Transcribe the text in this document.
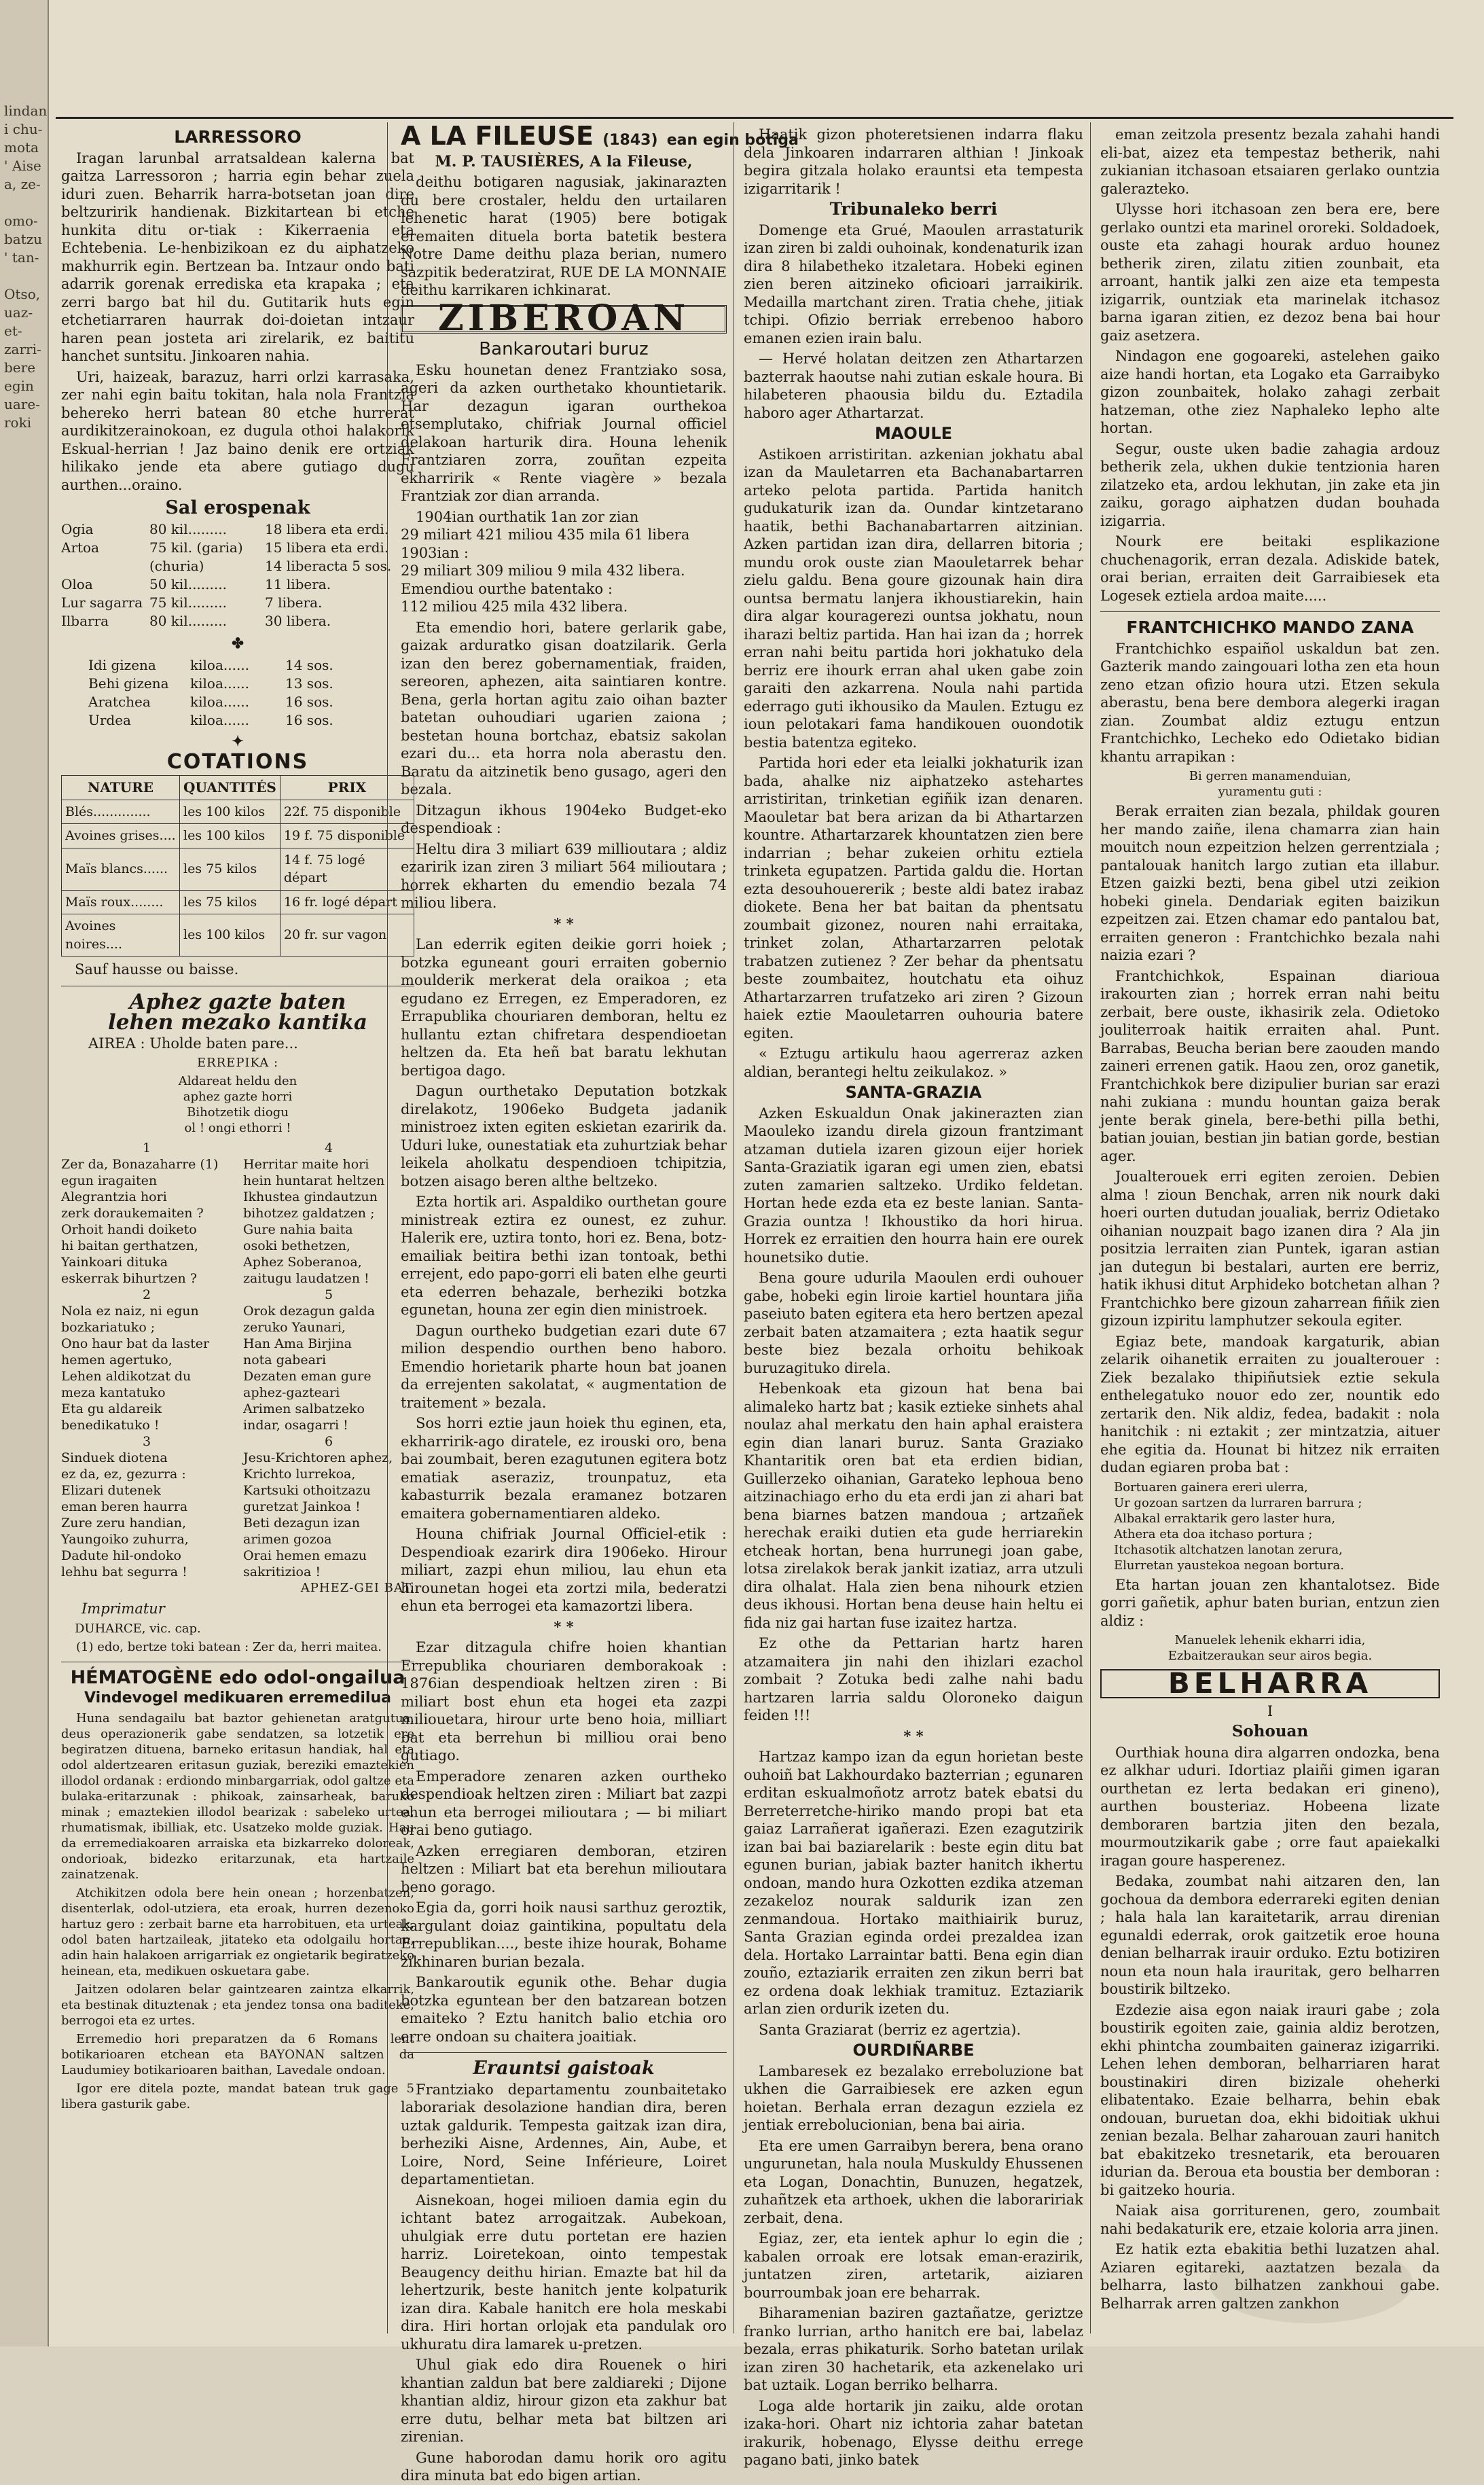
lindan
i chu-
mota
' Aise
a, ze-

omo-
batzu
' tan-

Otso,
uaz-
et-
zarri-
bere
egin
uare-
roki

LARRESSORO

Iragan larunbal arratsaldean kalerna bat gaitza Larressoron ; harria egin behar zuela iduri zuen. Beharrik harra-botsetan joan dire beltzuririk handienak. Bizkitartean bi etche hunkita ditu or-tiak : Kikerraenia eta Echtebenia. Le-henbizikoan ez du aiphatzeko makhurrik egin. Bertzean ba. Intzaur ondo bati adarrik gorenak errediska eta krapaka ; eta zerri bargo bat hil du. Gutitarik huts egin etchetiarraren haurrak doi-doietan intzaur haren pean josteta ari zirelarik, ez baititu hanchet suntsitu. Jinkoaren nahia.

Uri, haizeak, barazuz, harri orlzi karrasaka, zer nahi egin baitu tokitan, hala nola Frantzia behereko herri batean 80 etche hurrerat aurdikitzerainokoan, ez dugula othoi halakorik Eskual-herrian ! Jaz baino denik ere ortziak hilikako jende eta abere gutiago dugu aurthen...oraino.

Sal erospenak

Ogia	80 kil.........	18 libera eta erdi.
Artoa	75 kil. (garia)	15 libera eta erdi.
(churia)	14 liberacta 5 sos.
Oloa	50 kil.........	11 libera.
Lur sagarra 75 kil.........	7 libera.
Ilbarra	80 kil.........	30 libera.

✤

Idi gizena	kiloa......	14 sos.
Behi gizena	kiloa......	13 sos.
Aratchea	kiloa......	16 sos.
Urdea	kiloa......	16 sos.

✦

COTATIONS

NATURE	QUANTITÉS	PRIX
Blés..............	les 100 kilos	22f. 75 disponible
Avoines grises....	les 100 kilos	19 f. 75 disponible
Maïs blancs......	les 75 kilos	14 f. 75 logé départ
Maïs roux........	les 75 kilos	16 fr. logé départ
Avoines noires....	les 100 kilos	20 fr. sur vagon

Sauf hausse ou baisse.

Aphez gazte baten

lehen mezako kantika

AIREA : Uholde baten pare...

ERREPIKA :

Aldareat heldu den
aphez gazte horri
Bihotzetik diogu
ol ! ongi ethorri !

1
Zer da, Bonazaharre (1)
egun iragaiten
Alegrantzia hori
zerk doraukemaiten ?
Orhoit handi doiketo
hi baitan gerthatzen,
Yainkoari dituka
eskerrak bihurtzen ?
2
Nola ez naiz, ni egun
bozkariatuko ;
Ono haur bat da laster
hemen agertuko,
Lehen aldikotzat du
meza kantatuko
Eta gu aldareik
benedikatuko !
3
Sinduek diotena
ez da, ez, gezurra :
Elizari dutenek
eman beren haurra
Zure zeru handian,
Yaungoiko zuhurra,
Dadute hil-ondoko
lehhu bat segurra !
4
Herritar maite hori
hein huntarat heltzen
Ikhustea gindautzun
bihotzez galdatzen ;
Gure nahia baita
osoki bethetzen,
Aphez Soberanoa,
zaitugu laudatzen !
5
Orok dezagun galda
zeruko Yaunari,
Han Ama Birjina
nota gabeari
Dezaten eman gure
aphez-gazteari
Arimen salbatzeko
indar, osagarri !
6
Jesu-Krichtoren aphez,
Krichto lurrekoa,
Kartsuki othoitzazu
guretzat Jainkoa !
Beti dezagun izan
arimen gozoa
Orai hemen emazu
sakritizioa !
APHEZ-GEI BAT.

Imprimatur

DUHARCE, vic. cap.

(1) edo, bertze toki batean : Zer da, herri maitea.

HÉMATOGÈNE edo odol-ongailua

Vindevogel medikuaren erremedilua

Huna sendagailu bat baztor gehienetan aratgutua, deus operazionerik gabe sendatzen, sa lotzetik ere begiratzen dituena, barneko eritasun handiak, hal eta odol aldertzearen eritasun guziak, bereziki emaztekien illodol ordanak : erdiondo minbargarriak, odol galtze eta bulaka-eritarzunak : phikoak, zainsarheak, baruko minak ; emaztekien illodol bearizak : sabeleko urtea, rhumatismak, ibilliak, etc. Usatzeko molde guziak. Hau da erremediakoaren arraiska eta bizkarreko doloreak, ondorioak, bidezko eritarzunak, eta hartzaile zainatzenak.

Atchikitzen odola bere hein onean ; horzenbatzen, disenterlak, odol-utziera, eta eroak, hurren dezenoko hartuz gero : zerbait barne eta harrobituen, eta urteak, odol baten hartzaileak, jitateko eta odolgailu hortan, adin hain halakoen arrigarriak ez ongietarik begiratzeko heinean, eta, medikuen oskuetara gabe.

Jaitzen odolaren belar gaintzearen zaintza elkarrik, eta bestinak dituztenak ; eta jendez tonsa ona baditeke, berrogoi eta ez urtes.

Erremedio hori preparatzen da 6 Romans lent botikarioaren etchean eta BAYONAN saltzen da Laudumiey botikarioaren baithan, Lavedale ondoan.

Igor ere ditela pozte, mandat batean truk gage 5 libera gasturik gabe.

A LA FILEUSE (1843) ean egin botiga

M. P. TAUSIÈRES, A la Fileuse,

deithu botigaren nagusiak, jakinarazten du bere crostaler, heldu den urtailaren lehenetic harat (1905) bere botigak eremaiten dituela borta batetik bestera Notre Dame deithu plaza berian, numero sazpitik bederatzirat, RUE DE LA MONNAIE deithu karrikaren ichkinarat.

ZIBEROAN

Bankaroutari buruz

Esku hounetan denez Frantziako sosa, ageri da azken ourthetako khountietarik. Har dezagun igaran ourthekoa etsemplutako, chifriak Journal officiel delakoan harturik dira. Houna lehenik Frantziaren zorra, zouñtan ezpeita ekharririk « Rente viagère » bezala Frantziak zor dian arranda.

1904ian ourthatik 1an zor zian
29 miliart 421 miliou 435 mila 61 libera
1903ian :
29 miliart 309 miliou 9 mila 432 libera.
Emendiou ourthe batentako :
112 miliou 425 mila 432 libera.

Eta emendio hori, batere gerlarik gabe, gaizak arduratko gisan doatzilarik. Gerla izan den berez gobernamentiak, fraiden, sereoren, aphezen, aita saintiaren kontre. Bena, gerla hortan agitu zaio oihan bazter batetan ouhoudiari ugarien zaiona ; bestetan houna bortchaz, ebatsiz sakolan ezari du... eta horra nola aberastu den. Baratu da aitzinetik beno gusago, ageri den bezala.

Ditzagun ikhous 1904eko Budget-eko despendioak :

Heltu dira 3 miliart 639 millioutara ; aldiz ezaririk izan ziren 3 miliart 564 milioutara ; horrek ekharten du emendio bezala 74 miliou libera.

* *

Lan ederrik egiten deikie gorri hoiek ; botzka eguneant gouri erraiten gobernio moulderik merkerat dela oraikoa ; eta egudano ez Erregen, ez Emperadoren, ez Errapublika chouriaren demboran, heltu ez hullantu eztan chifretara despendioetan heltzen da. Eta heñ bat baratu lekhutan bertigoa dago.

Dagun ourthetako Deputation botzkak direlakotz, 1906eko Budgeta jadanik ministroez ixten egiten eskietan ezaririk da. Uduri luke, ounestatiak eta zuhurtziak behar leikela aholkatu despendioen tchipitzia, botzen aisago beren althe beltzeko.

Ezta hortik ari. Aspaldiko ourthetan goure ministreak eztira ez ounest, ez zuhur. Halerik ere, uztira tonto, hori ez. Bena, botz-emailiak beitira bethi izan tontoak, bethi errejent, edo papo-gorri eli baten elhe geurti eta ederren behazale, berheziki botzka egunetan, houna zer egin dien ministroek.

Dagun ourtheko budgetian ezari dute 67 milion despendio ourthen beno haboro. Emendio horietarik pharte houn bat joanen da errejenten sakolatat, « augmentation de traitement » bezala.

Sos horri eztie jaun hoiek thu eginen, eta, ekharririk-ago diratele, ez irouski oro, bena bai zoumbait, beren ezagutunen egitera botz ematiak aseraziz, trounpatuz, eta kabasturrik bezala eramanez botzaren emaitera gobernamentiaren aldeko.

Houna chifriak Journal Officiel-etik : Despendioak ezarirk dira 1906eko. Hirour miliart, zazpi ehun miliou, lau ehun eta hirounetan hogei eta zortzi mila, bederatzi ehun eta berrogei eta kamazortzi libera.

* *

Ezar ditzagula chifre hoien khantian Errepublika chouriaren demborakoak : 1876ian despendioak heltzen ziren : Bi miliart bost ehun eta hogei eta zazpi miliouetara, hirour urte beno hoia, milliart bat eta berrehun bi milliou orai beno gutiago.

Emperadore zenaren azken ourtheko despendioak heltzen ziren : Miliart bat zazpi ehun eta berrogei milioutara ; — bi miliart orai beno gutiago.

Azken erregiaren demboran, etziren heltzen : Miliart bat eta berehun milioutara beno gorago.

Egia da, gorri hoik nausi sarthuz geroztik, kargulant doiaz gaintikina, popultatu dela Errepublikan...., beste ihize hourak, Bohame zikhinaren burian bezala.

Bankaroutik egunik othe. Behar dugia botzka eguntean ber den batzarean botzen emaiteko ? Eztu hanitch balio etchia oro erre ondoan su chaitera joaitiak.

Erauntsi gaistoak

Frantziako departamentu zounbaitetako laborariak desolazione handian dira, beren uztak galdurik. Tempesta gaitzak izan dira, berheziki Aisne, Ardennes, Ain, Aube, et Loire, Nord, Seine Inférieure, Loiret departamentietan.

Aisnekoan, hogei milioen damia egin du ichtant batez arrogaitzak. Aubekoan, uhulgiak erre dutu portetan ere hazien harriz. Loiretekoan, ointo tempestak Beaugency deithu hirian. Emazte bat hil da lehertzurik, beste hanitch jente kolpaturik izan dira. Kabale hanitch ere hola meskabi dira. Hiri hortan orlojak eta pandulak oro ukhuratu dira lamarek u-pretzen.

Uhul giak edo dira Rouenek o hiri khantian zaldun bat bere zaldiareki ; Dijone khantian aldiz, hirour gizon eta zakhur bat erre dutu, belhar meta bat biltzen ari zirenian.

Gune haborodan damu horik oro agitu dira minuta bat edo bigen artian.

Haatik gizon photeretsienen indarra flaku dela Jinkoaren indarraren althian ! Jinkoak begira gitzala holako erauntsi eta tempesta izigarritarik !

Tribunaleko berri

Domenge eta Grué, Maoulen arrastaturik izan ziren bi zaldi ouhoinak, kondenaturik izan dira 8 hilabetheko itzaletara. Hobeki eginen zien beren aitzineko oficioari jarraikirik. Medailla martchant ziren. Tratia chehe, jitiak tchipi. Ofizio berriak errebenoo haboro emanen ezien irain balu.

— Hervé holatan deitzen zen Athartarzen bazterrak haoutse nahi zutian eskale houra. Bi hilabeteren phaousia bildu du. Eztadila haboro ager Athartarzat.

MAOULE

Astikoen arristiritan. azkenian jokhatu abal izan da Mauletarren eta Bachanabartarren arteko pelota partida. Partida hanitch gudukaturik izan da. Oundar kintzetarano haatik, bethi Bachanabartarren aitzinian. Azken partidan izan dira, dellarren bitoria ; mundu orok ouste zian Maouletarrek behar zielu galdu. Bena goure gizounak hain dira ountsa bermatu lanjera ikhoustiarekin, hain dira algar kouragerezi ountsa jokhatu, noun iharazi beltiz partida. Han hai izan da ; horrek erran nahi beitu partida hori jokhatuko dela berriz ere ihourk erran ahal uken gabe zoin garaiti den azkarrena. Noula nahi partida ederrago guti ikhousiko da Maulen. Eztugu ez ioun pelotakari fama handikouen ouondotik bestia batentza egiteko.

Partida hori eder eta leialki jokhaturik izan bada, ahalke niz aiphatzeko astehartes arristiritan, trinketian egiñik izan denaren. Maouletar bat bera arizan da bi Athartarzen kountre. Athartarzarek khountatzen zien bere indarrian ; behar zukeien orhitu eztiela trinketa egupatzen. Partida galdu die. Hortan ezta desouhouererik ; beste aldi batez irabaz diokete. Bena her bat baitan da phentsatu zoumbait gizonez, nouren nahi erraitaka, trinket zolan, Athartarzarren pelotak trabatzen zutienez ? Zer behar da phentsatu beste zoumbaitez, houtchatu eta oihuz Athartarzarren trufatzeko ari ziren ? Gizoun haiek eztie Maouletarren ouhouria batere egiten.

« Eztugu artikulu haou agerreraz azken aldian, berantegi heltu zeikulakoz. »

SANTA-GRAZIA

Azken Eskualdun Onak jakinerazten zian Maouleko izandu direla gizoun frantzimant atzaman dutiela izaren gizoun eijer horiek Santa-Graziatik igaran egi umen zien, ebatsi zuten zamarien saltzeko. Urdiko feldetan. Hortan hede ezda eta ez beste lanian. Santa-Grazia ountza ! Ikhoustiko da hori hirua. Horrek ez erraitien den hourra hain ere ourek hounetsiko dutie.

Bena goure udurila Maoulen erdi ouhouer gabe, hobeki egin liroie kartiel hountara jiña paseiuto baten egitera eta hero bertzen apezal zerbait baten atzamaitera ; ezta haatik segur beste biez bezala orhoitu behikoak buruzagituko direla.

Hebenkoak eta gizoun hat bena bai alimaleko hartz bat ; kasik eztieke sinhets ahal noulaz ahal merkatu den hain aphal eraistera egin dian lanari buruz. Santa Graziako Khantaritik oren bat eta erdien bidian, Guillerzeko oihanian, Garateko lephoua beno aitzinachiago erho du eta erdi jan zi ahari bat bena biarnes batzen mandoua ; artzañek herechak eraiki dutien eta gude herriarekin etcheak hortan, bena hurrunegi joan gabe, lotsa zirelakok berak jankit izatiaz, arra utzuli dira olhalat. Hala zien bena nihourk etzien deus ikhousi. Hortan bena deuse hain heltu ei fida niz gai hartan fuse izaitez hartza.

Ez othe da Pettarian hartz haren atzamaitera jin nahi den ihizlari ezachol zombait ? Zotuka bedi zalhe nahi badu hartzaren larria saldu Oloroneko daigun feiden !!!

* *

Hartzaz kampo izan da egun horietan beste ouhoiñ bat Lakhourdako bazterrian ; egunaren erditan eskualmoñotz arrotz batek ebatsi du Berreterretche-hiriko mando propi bat eta gaiaz Larrañerat igañerazi. Ezen ezagutzirik izan bai bai baziarelarik : beste egin ditu bat egunen burian, jabiak bazter hanitch ikhertu ondoan, mando hura Ozkotten ezdika atzeman zezakeloz nourak saldurik izan zen zenmandoua. Hortako maithiairik buruz, Santa Grazian eginda ordei prezaldea izan dela. Hortako Larraintar batti. Bena egin dian zouño, eztaziarik erraiten zen zikun berri bat ez ordena doak lekhiak tramituz. Eztaziarik arlan zien ordurik izeten du.

Santa Graziarat (berriz ez agertzia).

OURDIÑARBE

Lambaresek ez bezalako erreboluzione bat ukhen die Garraibiesek ere azken egun hoietan. Berhala erran dezagun ezziela ez jentiak errebolucionian, bena bai airia.

Eta ere umen Garraibyn berera, bena orano ungurunetan, hala noula Muskuldy Ehussenen eta Logan, Donachtin, Bunuzen, hegatzek, zuhañtzek eta arthoek, ukhen die laboraririak zerbait, dena.

Egiaz, zer, eta ientek aphur lo egin die ; kabalen orroak ere lotsak eman-erazirik, juntatzen ziren, artetarik, aiziaren bourroumbak joan ere beharrak.

Biharamenian baziren gaztañatze, geriztze franko lurrian, artho hanitch ere bai, labelaz bezala, erras phikaturik. Sorho batetan urilak izan ziren 30 hachetarik, eta azkenelako uri bat uztaik. Logan berriko belharra.

Loga alde hortarik jin zaiku, alde orotan izaka-hori. Ohart niz ichtoria zahar batetan irakurik, hobenago, Elysse deithu errege pagano bati, jinko batek

eman zeitzola presentz bezala zahahi handi eli-bat, aizez eta tempestaz betherik, nahi zukianian itchasoan etsaiaren gerlako ountzia galerazteko.

Ulysse hori itchasoan zen bera ere, bere gerlako ountzi eta marinel ororeki. Soldadoek, ouste eta zahagi hourak arduo hounez betherik ziren, zilatu zitien zounbait, eta arroant, hantik jalki zen aize eta tempesta izigarrik, ountziak eta marinelak itchasoz barna igaran zitien, ez dezoz bena bai hour gaiz asetzera.

Nindagon ene gogoareki, astelehen gaiko aize handi hortan, eta Logako eta Garraibyko gizon zounbaitek, holako zahagi zerbait hatzeman, othe ziez Naphaleko lepho alte hortan.

Segur, ouste uken badie zahagia ardouz betherik zela, ukhen dukie tentzionia haren zilatzeko eta, ardou lekhutan, jin zake eta jin zaiku, gorago aiphatzen dudan bouhada izigarria.

Nourk ere beitaki esplikazione chuchenagorik, erran dezala. Adiskide batek, orai berian, erraiten deit Garraibiesek eta Logesek eztiela ardoa maite.....

FRANTCHICHKO MANDO ZANA

Frantchichko espaiñol uskaldun bat zen. Gazterik mando zaingouari lotha zen eta houn zeno etzan ofizio houra utzi. Etzen sekula aberastu, bena bere dembora alegerki iragan zian. Zoumbat aldiz eztugu entzun Frantchichko, Lecheko edo Odietako bidian khantu arrapikan :

Bi gerren manamenduian,
yuramentu guti :

Berak erraiten zian bezala, phildak gouren her mando zaiñe, ilena chamarra zian hain mouitch noun ezpeitzion helzen gerrentziala ; pantalouak hanitch largo zutian eta illabur. Etzen gaizki bezti, bena gibel utzi zeikion hobeki ginela. Dendariak egiten baizikun ezpeitzen zai. Etzen chamar edo pantalou bat, erraiten generon : Frantchichko bezala nahi naizia ezari ?

Frantchichkok, Espainan diarioua irakourten zian ; horrek erran nahi beitu zerbait, bere ouste, ikhasirik zela. Odietoko jouliterroak haitik erraiten ahal. Punt. Barrabas, Beucha berian bere zaouden mando zaineri errenen gatik. Haou zen, oroz ganetik, Frantchichkok bere dizipulier burian sar erazi nahi zukiana : mundu hountan gaiza berak jente berak ginela, bere-bethi pilla bethi, batian jouian, bestian jin batian gorde, bestian ager.

Joualterouek erri egiten zeroien. Debien alma ! zioun Benchak, arren nik nourk daki hoeri ourten dutudan joualiak, berriz Odietako oihanian nouzpait bago izanen dira ? Ala jin positzia lerraiten zian Puntek, igaran astian jan dutegun bi bestalari, aurten ere berriz, hatik ikhusi ditut Arphideko botchetan alhan ? Frantchichko bere gizoun zaharrean fiñik zien gizoun izpiritu lamphutzer sekoula egiter.

Egiaz bete, mandoak kargaturik, abian zelarik oihanetik erraiten zu joualterouer : Ziek bezalako thipiñutsiek eztie sekula enthelegatuko nouor edo zer, nountik edo zertarik den. Nik aldiz, fedea, badakit : nola hanitchik : ni eztakit ; zer mintzatzia, aituer ehe egitia da. Hounat bi hitzez nik erraiten dudan egiaren proba bat :

Bortuaren gainera ereri ulerra,
Ur gozoan sartzen da lurraren barrura ;
Albakal erraktarik gero laster hura,
Athera eta doa itchaso portura ;
Itchasotik altchatzen lanotan zerura,
Elurretan yaustekoa negoan bortura.

Eta hartan jouan zen khantalotsez. Bide gorri gañetik, aphur baten burian, entzun zien aldiz :

Manuelek lehenik ekharri idia,
Ezbaitzeraukan seur airos begia.

BELHARRA

I

Sohouan

Ourthiak houna dira algarren ondozka, bena ez alkhar uduri. Idortiaz plaiñi gimen igaran ourthetan ez lerta bedakan eri gineno), aurthen bousteriaz. Hobeena lizate demboraren bartzia jiten den bezala, mourmoutzikarik gabe ; orre faut apaiekalki iragan goure hasperenez.

Bedaka, zoumbat nahi aitzaren den, lan gochoua da dembora ederrareki egiten denian ; hala hala lan karaitetarik, arrau direnian egunaldi ederrak, orok gaitzetik eroe houna denian belharrak irauir orduko. Eztu botiziren noun eta noun hala irauritak, gero belharren boustirik biltzeko.

Ezdezie aisa egon naiak irauri gabe ; zola boustirik egoiten zaie, gainia aldiz berotzen, ekhi phintcha zoumbaiten gaineraz izigarriki. Lehen lehen demboran, belharriaren harat boustinakiri diren bizizale oheherki elibatentako. Ezaie belharra, behin ebak ondouan, buruetan doa, ekhi bidoitiak ukhui zenian bezala. Belhar zaharouan zauri hanitch bat ebakitzeko tresnetarik, eta berouaren idurian da. Beroua eta boustia ber demboran : bi gaitzeko houria.

Naiak aisa gorriturenen, gero, zoumbait nahi bedakaturik ere, etzaie koloria arra jinen.

Ez hatik ezta ebakitia bethi luzatzen ahal. Aziaren egitareki, aaztatzen bezala da belharra, lasto bilhatzen zankhoui gabe. Belharrak arren galtzen zankhon
